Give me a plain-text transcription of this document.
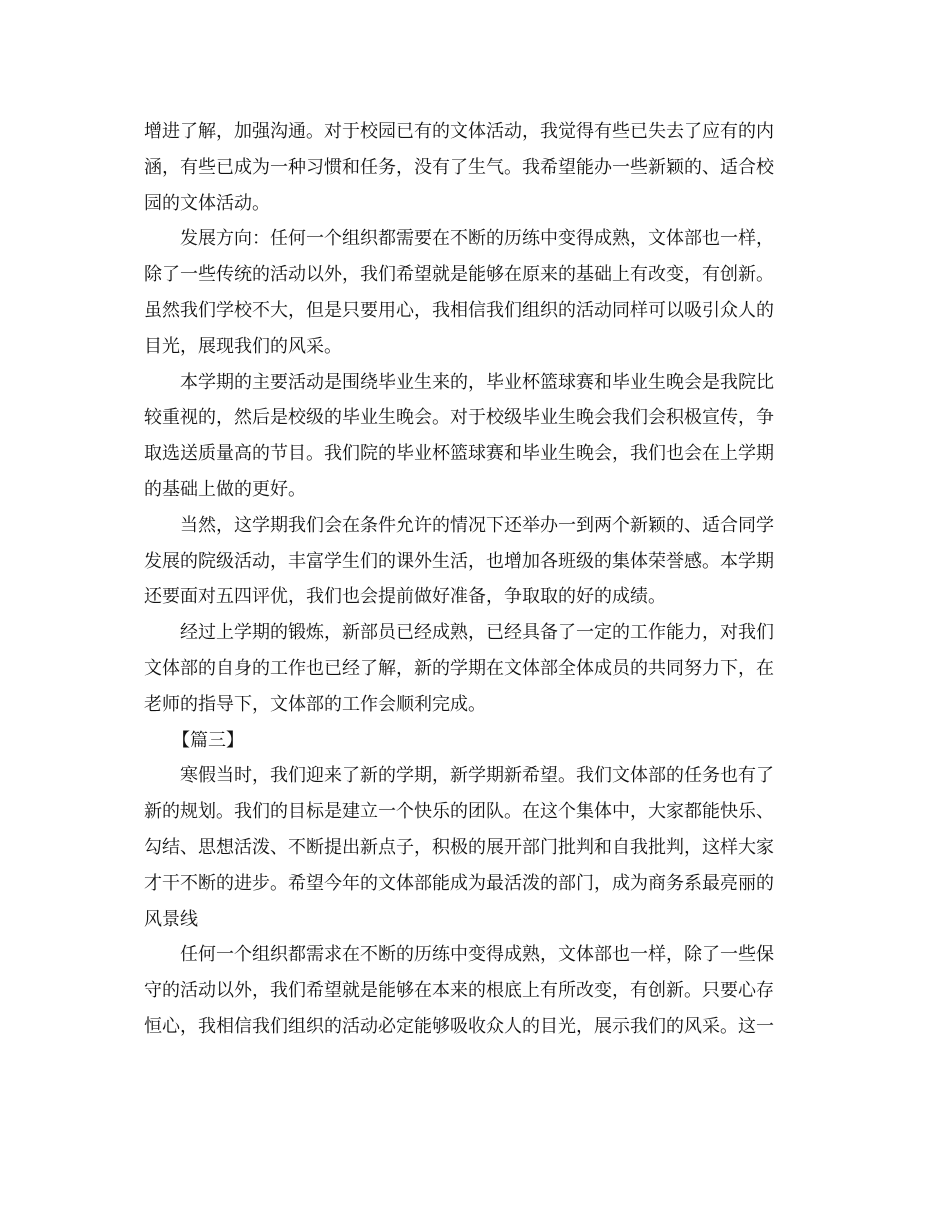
增进了解，加强沟通。对于校园已有的文体活动，我觉得有些已失去了应有的内
涵，有些已成为一种习惯和任务，没有了生气。我希望能办一些新颖的、适合校
园的文体活动。
发展方向：任何一个组织都需要在不断的历练中变得成熟，文体部也一样，
除了一些传统的活动以外，我们希望就是能够在原来的基础上有改变，有创新。
虽然我们学校不大，但是只要用心，我相信我们组织的活动同样可以吸引众人的
目光，展现我们的风采。
本学期的主要活动是围绕毕业生来的，毕业杯篮球赛和毕业生晚会是我院比
较重视的，然后是校级的毕业生晚会。对于校级毕业生晚会我们会积极宣传，争
取选送质量高的节目。我们院的毕业杯篮球赛和毕业生晚会，我们也会在上学期
的基础上做的更好。
当然，这学期我们会在条件允许的情况下还举办一到两个新颖的、适合同学
发展的院级活动，丰富学生们的课外生活，也增加各班级的集体荣誉感。本学期
还要面对五四评优，我们也会提前做好准备，争取取的好的成绩。
经过上学期的锻炼，新部员已经成熟，已经具备了一定的工作能力，对我们
文体部的自身的工作也已经了解，新的学期在文体部全体成员的共同努力下，在
老师的指导下，文体部的工作会顺利完成。
【篇三】
寒假当时，我们迎来了新的学期，新学期新希望。我们文体部的任务也有了
新的规划。我们的目标是建立一个快乐的团队。在这个集体中，大家都能快乐、
勾结、思想活泼、不断提出新点子，积极的展开部门批判和自我批判，这样大家
才干不断的进步。希望今年的文体部能成为最活泼的部门，成为商务系最亮丽的
风景线
任何一个组织都需求在不断的历练中变得成熟，文体部也一样，除了一些保
守的活动以外，我们希望就是能够在本来的根底上有所改变，有创新。只要心存
恒心，我相信我们组织的活动必定能够吸收众人的目光，展示我们的风采。这一
